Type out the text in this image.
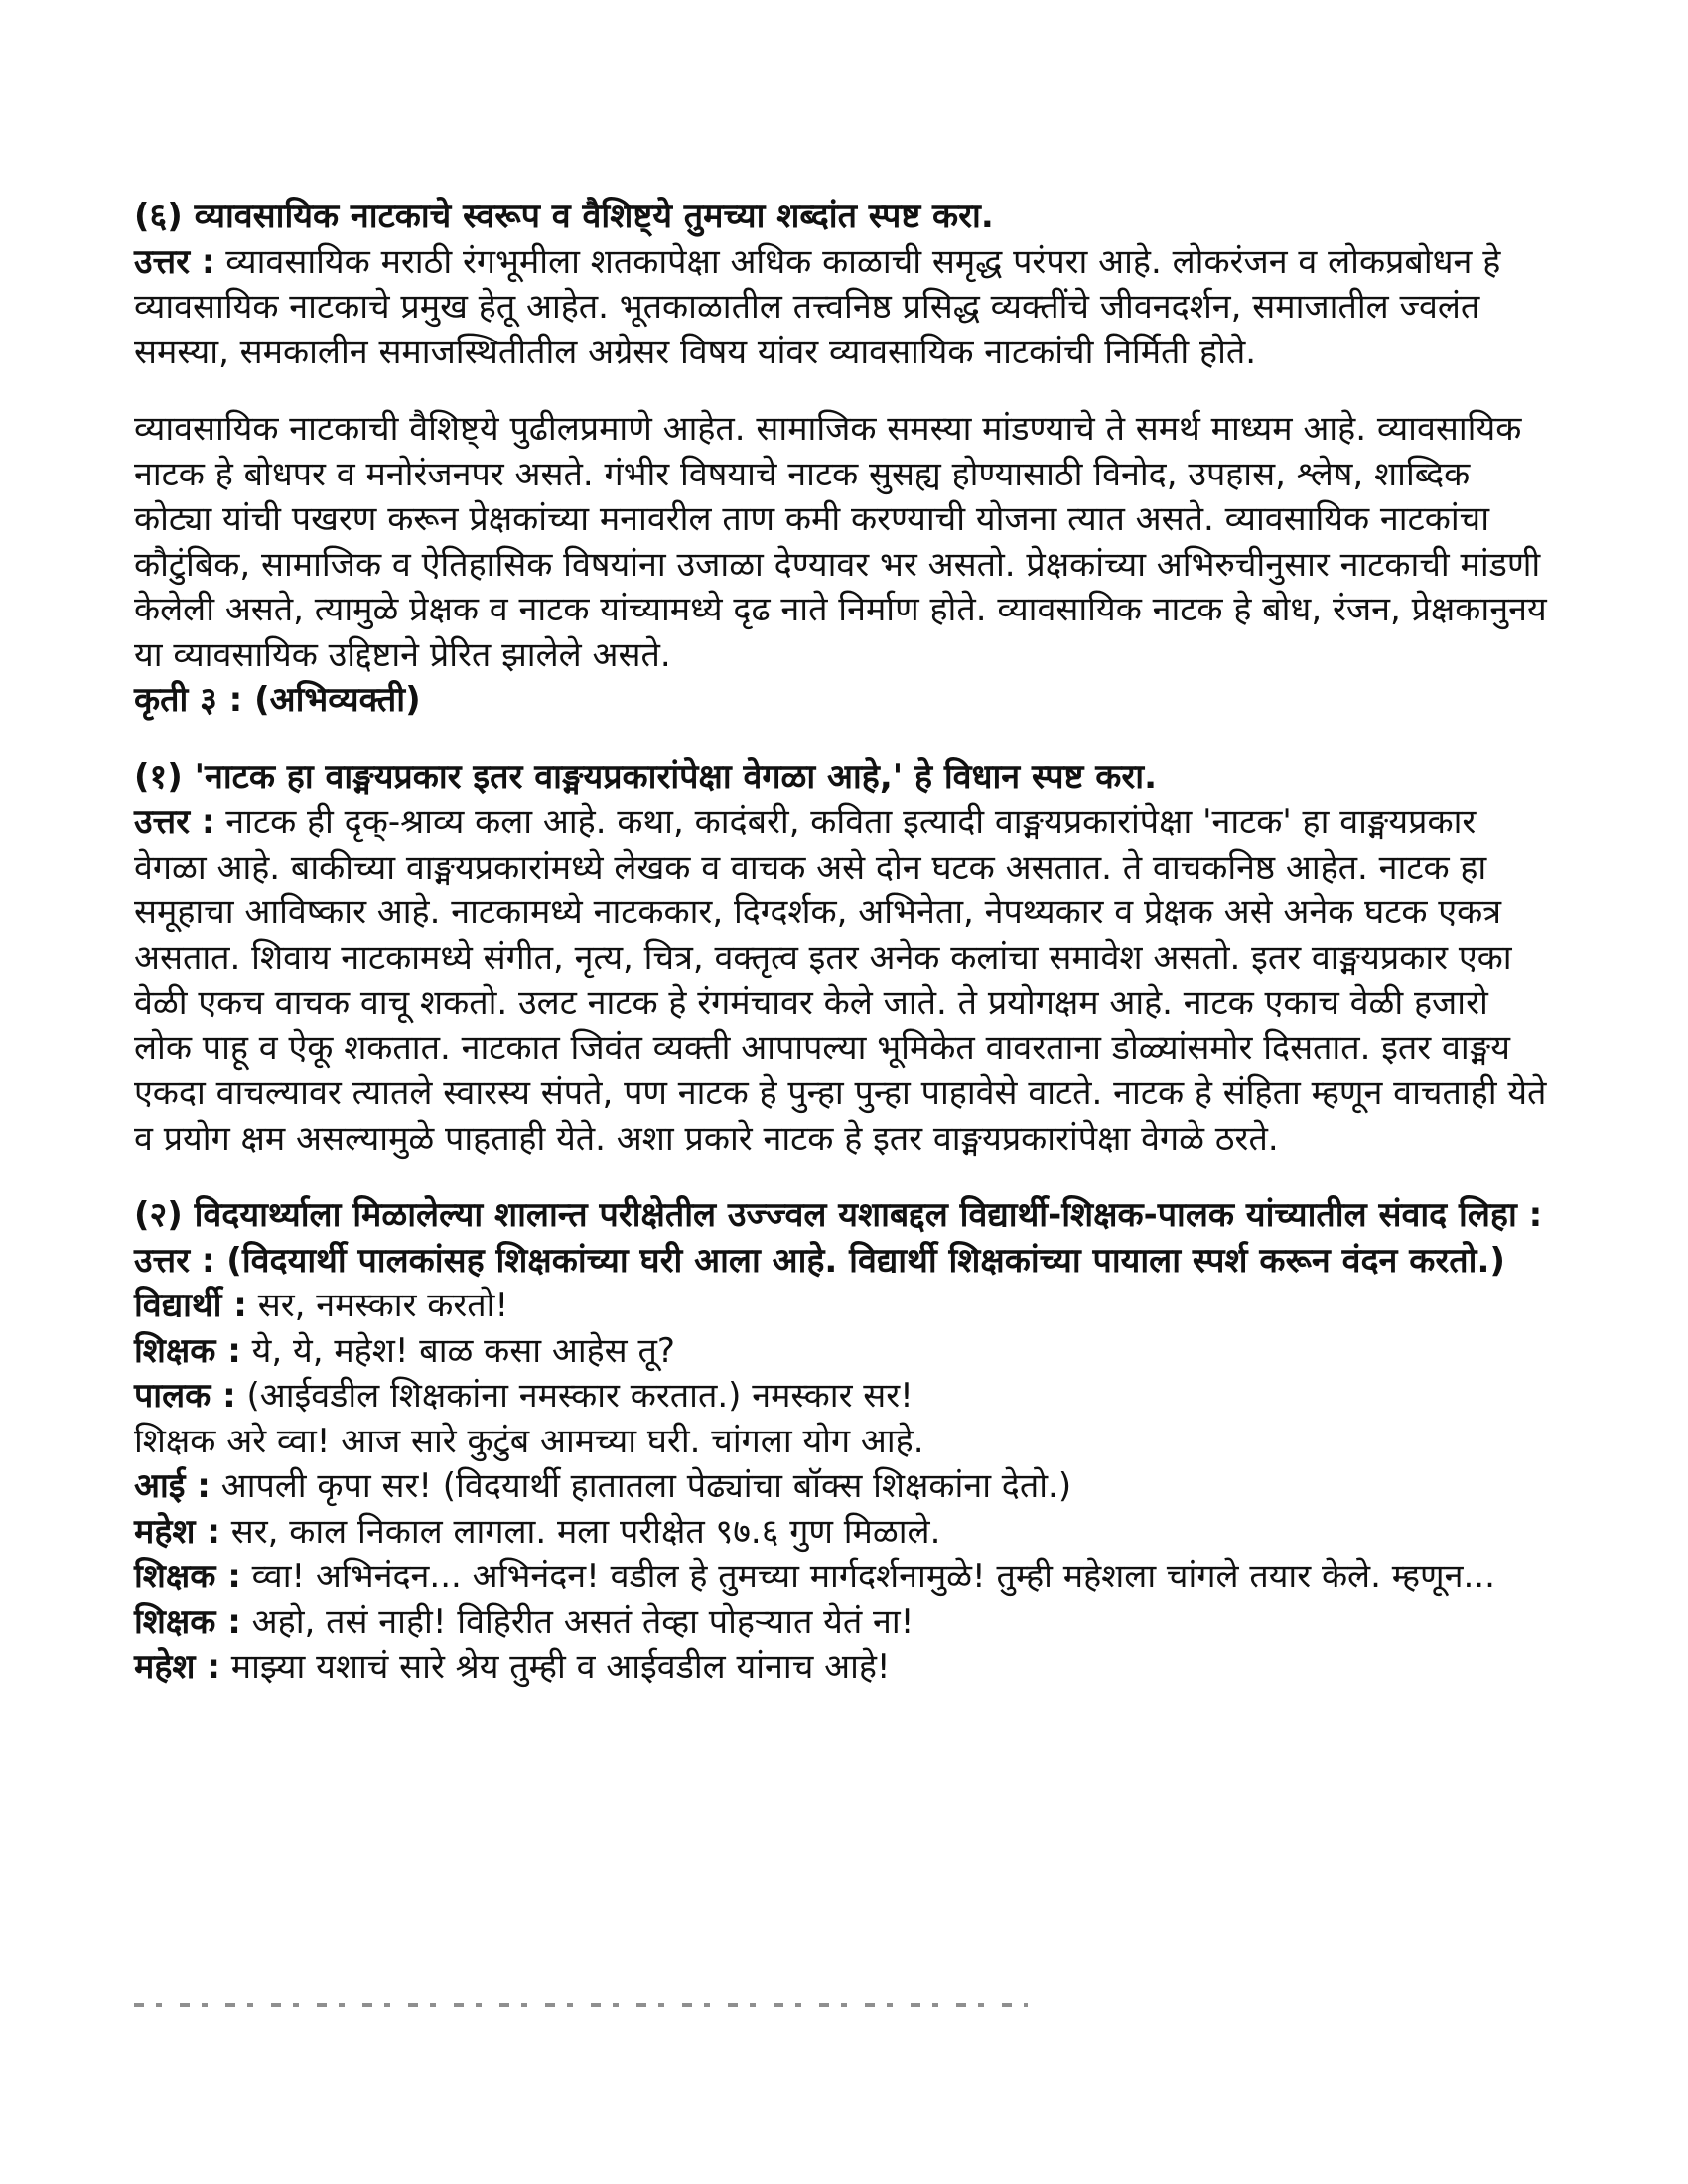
(६) व्यावसायिक नाटकाचे स्वरूप व वैशिष्ट्ये तुमच्या शब्दांत स्पष्ट करा.

उत्तर : व्यावसायिक मराठी रंगभूमीला शतकापेक्षा अधिक काळाची समृद्ध परंपरा आहे. लोकरंजन व लोकप्रबोधन हे व्यावसायिक नाटकाचे प्रमुख हेतू आहेत. भूतकाळातील तत्त्वनिष्ठ प्रसिद्ध व्यक्तींचे जीवनदर्शन, समाजातील ज्वलंत समस्या, समकालीन समाजस्थितीतील अग्रेसर विषय यांवर व्यावसायिक नाटकांची निर्मिती होते.

व्यावसायिक नाटकाची वैशिष्ट्ये पुढीलप्रमाणे आहेत. सामाजिक समस्या मांडण्याचे ते समर्थ माध्यम आहे. व्यावसायिक नाटक हे बोधपर व मनोरंजनपर असते. गंभीर विषयाचे नाटक सुसह्य होण्यासाठी विनोद, उपहास, श्लेष, शाब्दिक कोट्या यांची पखरण करून प्रेक्षकांच्या मनावरील ताण कमी करण्याची योजना त्यात असते. व्यावसायिक नाटकांचा कौटुंबिक, सामाजिक व ऐतिहासिक विषयांना उजाळा देण्यावर भर असतो. प्रेक्षकांच्या अभिरुचीनुसार नाटकाची मांडणी केलेली असते, त्यामुळे प्रेक्षक व नाटक यांच्यामध्ये दृढ नाते निर्माण होते. व्यावसायिक नाटक हे बोध, रंजन, प्रेक्षकानुनय या व्यावसायिक उद्दिष्टाने प्रेरित झालेले असते.

कृती ३ : (अभिव्यक्ती)

(१) 'नाटक हा वाङ्मयप्रकार इतर वाङ्मयप्रकारांपेक्षा वेगळा आहे,' हे विधान स्पष्ट करा.

उत्तर : नाटक ही दृक्-श्राव्य कला आहे. कथा, कादंबरी, कविता इत्यादी वाङ्मयप्रकारांपेक्षा 'नाटक' हा वाङ्मयप्रकार वेगळा आहे. बाकीच्या वाङ्मयप्रकारांमध्ये लेखक व वाचक असे दोन घटक असतात. ते वाचकनिष्ठ आहेत. नाटक हा समूहाचा आविष्कार आहे. नाटकामध्ये नाटककार, दिग्दर्शक, अभिनेता, नेपथ्यकार व प्रेक्षक असे अनेक घटक एकत्र असतात. शिवाय नाटकामध्ये संगीत, नृत्य, चित्र, वक्तृत्व इतर अनेक कलांचा समावेश असतो. इतर वाङ्मयप्रकार एका वेळी एकच वाचक वाचू शकतो. उलट नाटक हे रंगमंचावर केले जाते. ते प्रयोगक्षम आहे. नाटक एकाच वेळी हजारो लोक पाहू व ऐकू शकतात. नाटकात जिवंत व्यक्ती आपापल्या भूमिकेत वावरताना डोळ्यांसमोर दिसतात. इतर वाङ्मय एकदा वाचल्यावर त्यातले स्वारस्य संपते, पण नाटक हे पुन्हा पुन्हा पाहावेसे वाटते. नाटक हे संहिता म्हणून वाचताही येते व प्रयोग क्षम असल्यामुळे पाहताही येते. अशा प्रकारे नाटक हे इतर वाङ्मयप्रकारांपेक्षा वेगळे ठरते.

(२) विदयार्थ्याला मिळालेल्या शालान्त परीक्षेतील उज्ज्वल यशाबद्दल विद्यार्थी-शिक्षक-पालक यांच्यातील संवाद लिहा :

उत्तर : (विदयार्थी पालकांसह शिक्षकांच्या घरी आला आहे. विद्यार्थी शिक्षकांच्या पायाला स्पर्श करून वंदन करतो.)

विद्यार्थी : सर, नमस्कार करतो!

शिक्षक : ये, ये, महेश! बाळ कसा आहेस तू?

पालक : (आईवडील शिक्षकांना नमस्कार करतात.) नमस्कार सर!

शिक्षक अरे व्वा! आज सारे कुटुंब आमच्या घरी. चांगला योग आहे.

आई : आपली कृपा सर! (विदयार्थी हातातला पेढ्यांचा बॉक्स शिक्षकांना देतो.)

महेश : सर, काल निकाल लागला. मला परीक्षेत ९७.६ गुण मिळाले.

शिक्षक : व्वा! अभिनंदन... अभिनंदन! वडील हे तुमच्या मार्गदर्शनामुळे! तुम्ही महेशला चांगले तयार केले. म्हणून...

शिक्षक : अहो, तसं नाही! विहिरीत असतं तेव्हा पोहऱ्यात येतं ना!

महेश : माझ्या यशाचं सारे श्रेय तुम्ही व आईवडील यांनाच आहे!
